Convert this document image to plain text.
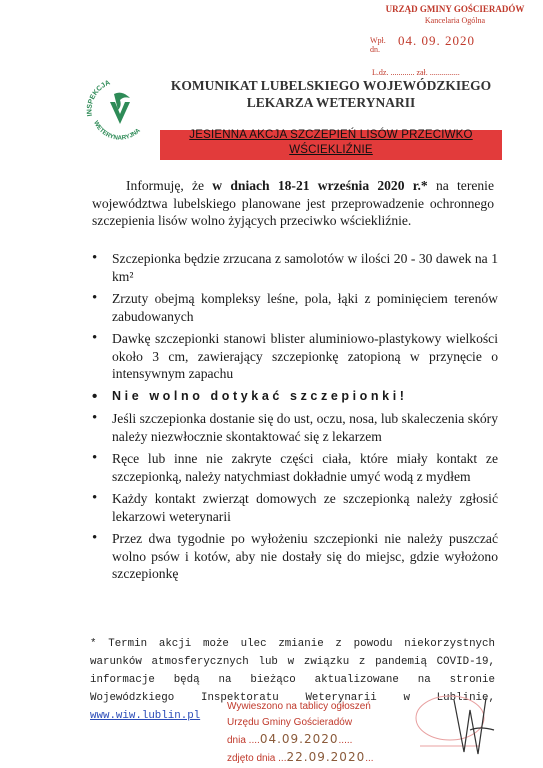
URZĄD GMINY GOŚCIERADÓW
Kancelaria Ogólna
Wpł.
dn.
04. 09. 2020
L.dz. ............ zał. ...............
INSPEKCJA
WETERYNARYJNA
KOMUNIKAT LUBELSKIEGO WOJEWÓDZKIEGO
LEKARZA WETERYNARII
JESIENNA AKCJA SZCZEPIEŃ LISÓW PRZECIWKO
WŚCIEKLIŹNIE

Informuję, że w dniach 18-21 września 2020 r.* na terenie województwa lubelskiego planowane jest przeprowadzenie ochronnego szczepienia lisów wolno żyjących przeciwko wściekliźnie.

• Szczepionka będzie zrzucana z samolotów w ilości 20 - 30 dawek na 1 km²
• Zrzuty obejmą kompleksy leśne, pola, łąki z pominięciem terenów zabudowanych
• Dawkę szczepionki stanowi blister aluminiowo-plastykowy wielkości około 3 cm, zawierający szczepionkę zatopioną w przynęcie o intensywnym zapachu
• Nie wolno dotykać szczepionki!
• Jeśli szczepionka dostanie się do ust, oczu, nosa, lub skaleczenia skóry należy niezwłocznie skontaktować się z lekarzem
• Ręce lub inne nie zakryte części ciała, które miały kontakt ze szczepionką, należy natychmiast dokładnie umyć wodą z mydłem
• Każdy kontakt zwierząt domowych ze szczepionką należy zgłosić lekarzowi weterynarii
• Przez dwa tygodnie po wyłożeniu szczepionki nie należy puszczać wolno psów i kotów, aby nie dostały się do miejsc, gdzie wyłożono szczepionkę

* Termin akcji może ulec zmianie z powodu niekorzystnych warunków atmosferycznych lub w związku z pandemią COVID-19, informacje będą na bieżąco aktualizowane na stronie Wojewódzkiego Inspektoratu Weterynarii w Lublinie, www.wiw.lublin.pl

Wywieszono na tablicy ogłoszeń
Urzędu Gminy Gościeradów
dnia ....04.09.2020.....
zdjęto dnia ...22.09.2020...
